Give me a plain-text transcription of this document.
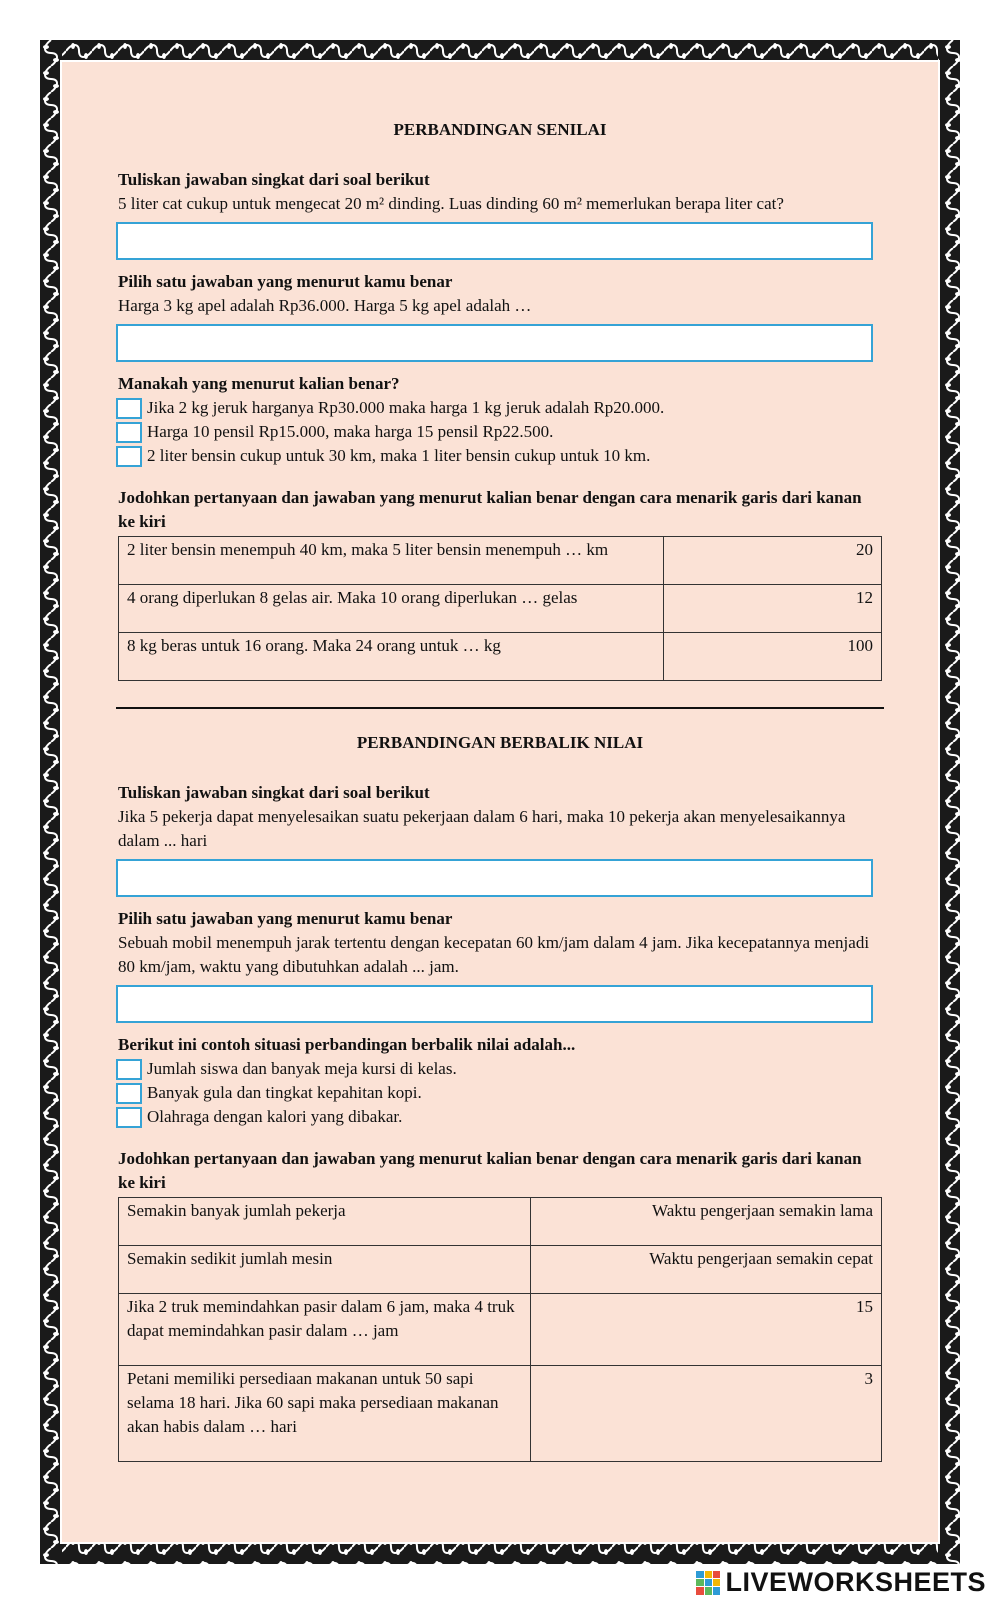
PERBANDINGAN SENILAI
Tuliskan jawaban singkat dari soal berikut
5 liter cat cukup untuk mengecat 20 m² dinding. Luas dinding 60 m² memerlukan berapa liter cat?
Pilih satu jawaban yang menurut kamu benar
Harga 3 kg apel adalah Rp36.000. Harga 5 kg apel adalah …
Manakah yang menurut kalian benar?
Jika 2 kg jeruk harganya Rp30.000 maka harga 1 kg jeruk adalah Rp20.000.
Harga 10 pensil Rp15.000, maka harga 15 pensil Rp22.500.
2 liter bensin cukup untuk 30 km, maka 1 liter bensin cukup untuk 10 km.
Jodohkan pertanyaan dan jawaban yang menurut kalian benar dengan cara menarik garis dari kanan ke kiri
2 liter bensin menempuh 40 km, maka 5 liter bensin menempuh … km	20
4 orang diperlukan 8 gelas air. Maka 10 orang diperlukan … gelas	12
8 kg beras untuk 16 orang. Maka 24 orang untuk … kg	100
PERBANDINGAN BERBALIK NILAI
Tuliskan jawaban singkat dari soal berikut
Jika 5 pekerja dapat menyelesaikan suatu pekerjaan dalam 6 hari, maka 10 pekerja akan menyelesaikannya dalam ... hari
Pilih satu jawaban yang menurut kamu benar
Sebuah mobil menempuh jarak tertentu dengan kecepatan 60 km/jam dalam 4 jam. Jika kecepatannya menjadi 80 km/jam, waktu yang dibutuhkan adalah ... jam.
Berikut ini contoh situasi perbandingan berbalik nilai adalah...
Jumlah siswa dan banyak meja kursi di kelas.
Banyak gula dan tingkat kepahitan kopi.
Olahraga dengan kalori yang dibakar.
Jodohkan pertanyaan dan jawaban yang menurut kalian benar dengan cara menarik garis dari kanan ke kiri
Semakin banyak jumlah pekerja	Waktu pengerjaan semakin lama
Semakin sedikit jumlah mesin	Waktu pengerjaan semakin cepat
Jika 2 truk memindahkan pasir dalam 6 jam, maka 4 truk dapat memindahkan pasir dalam … jam	15
Petani memiliki persediaan makanan untuk 50 sapi selama 18 hari. Jika 60 sapi maka persediaan makanan akan habis dalam … hari	3
LIVEWORKSHEETS
